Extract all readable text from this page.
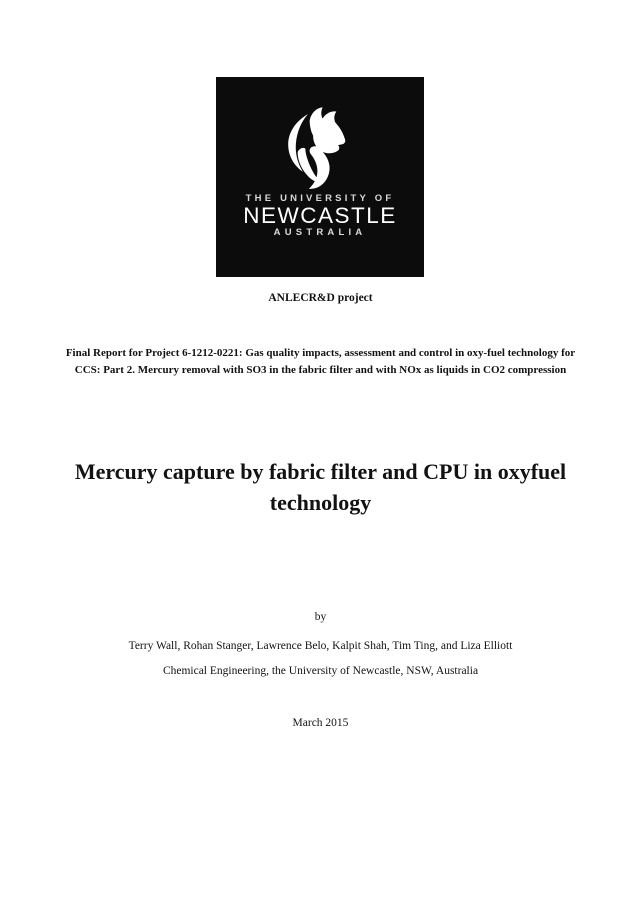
THE UNIVERSITY OF
NEWCASTLE
AUSTRALIA
ANLECR&D project
Final Report for Project 6-1212-0221: Gas quality impacts, assessment and control in oxy-fuel technology for CCS: Part 2. Mercury removal with SO3 in the fabric filter and with NOx as liquids in CO2 compression
Mercury capture by fabric filter and CPU in oxyfuel technology
by
Terry Wall, Rohan Stanger, Lawrence Belo, Kalpit Shah, Tim Ting, and Liza Elliott
Chemical Engineering, the University of Newcastle, NSW, Australia
March 2015
